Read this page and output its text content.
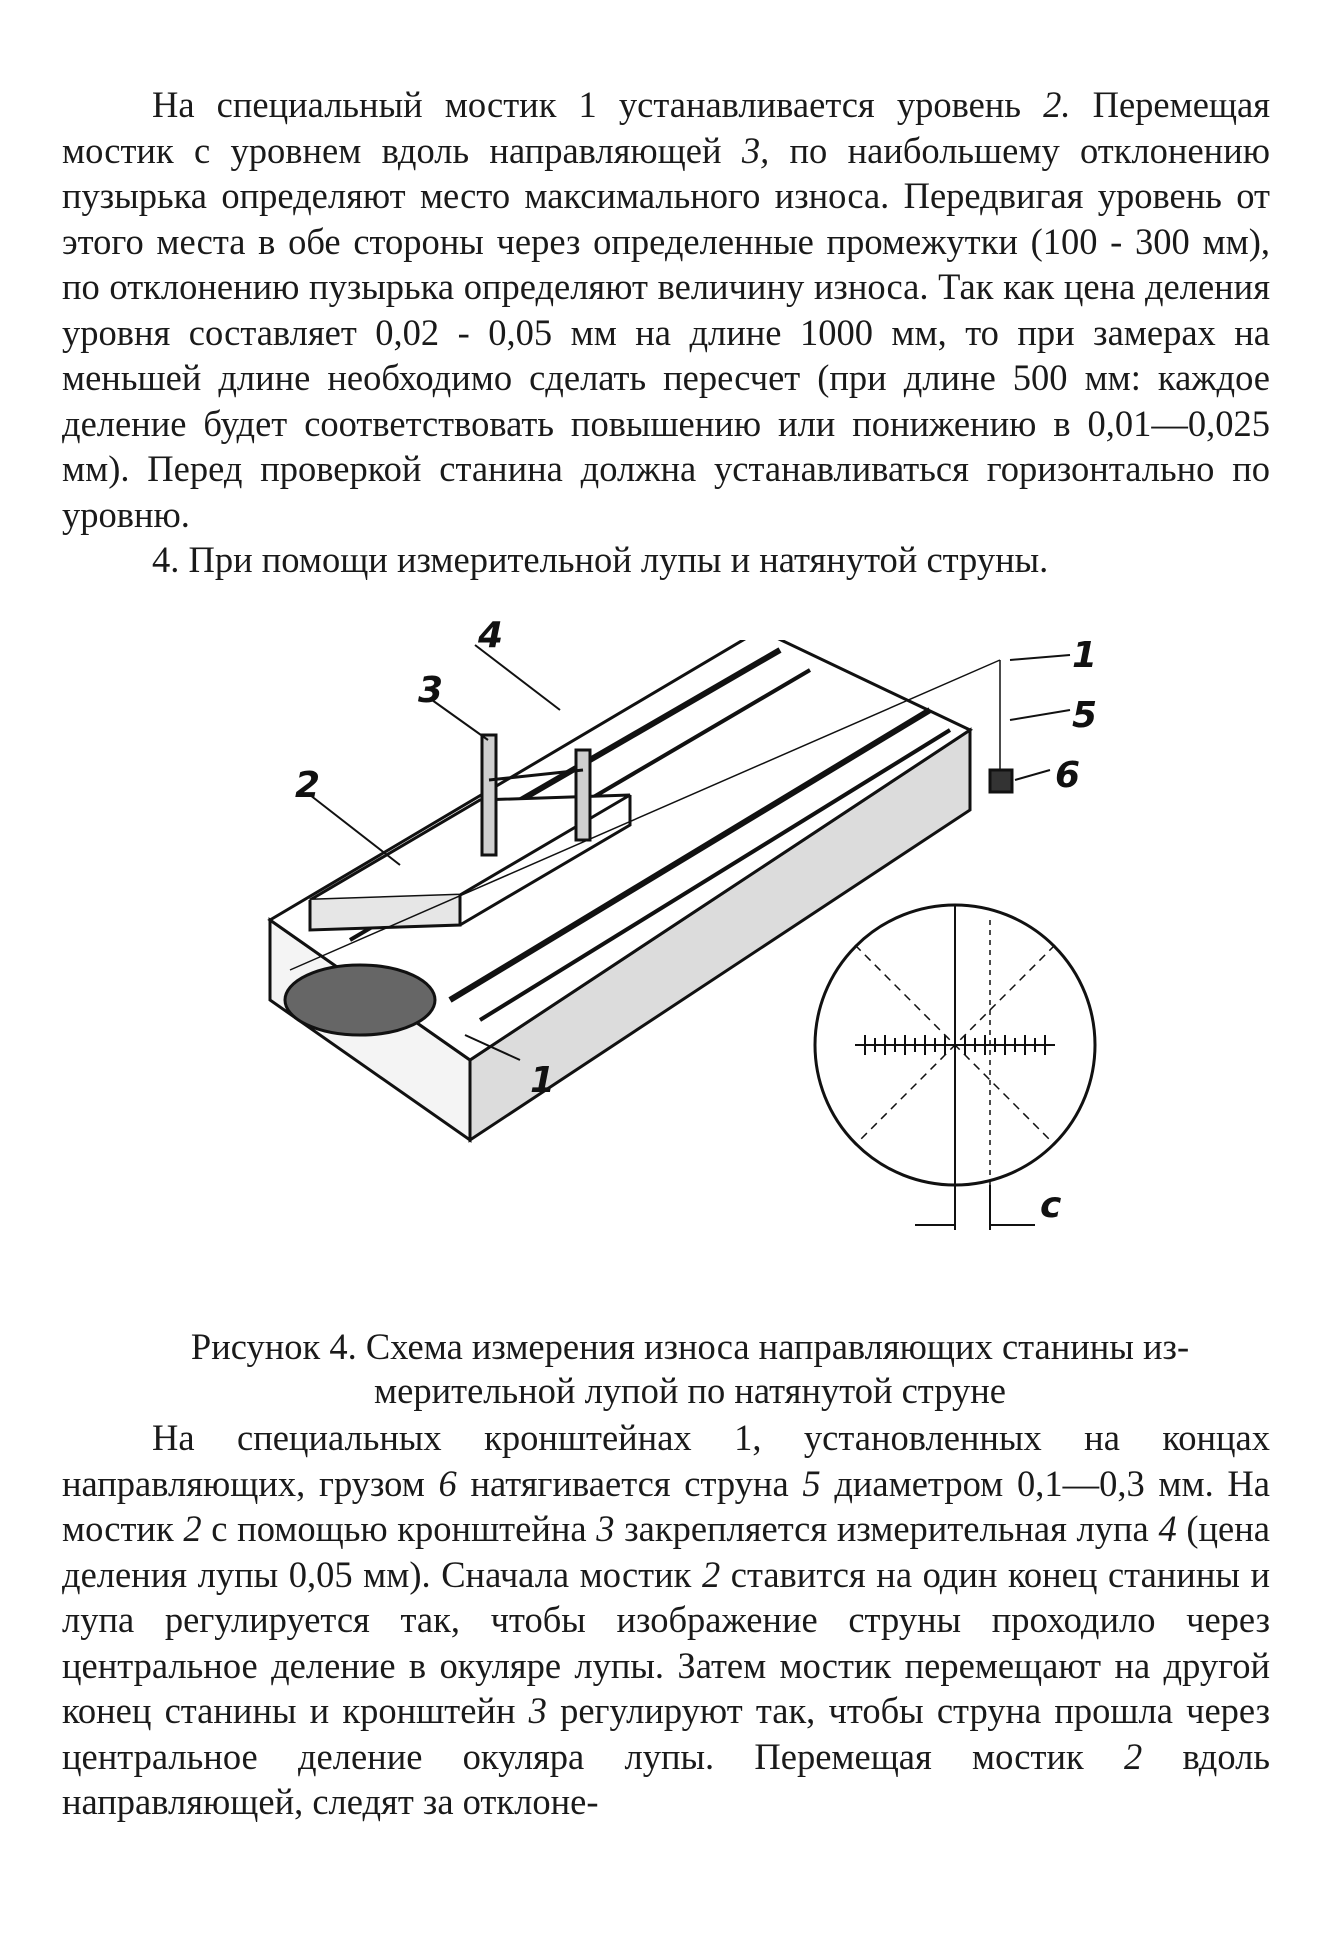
На специальный мостик 1 устанавливается уровень 2. Перемещая мостик с уровнем вдоль направляющей 3, по наибольшему отклонению пузырька определяют место максимального износа. Передвигая уровень от этого места в обе стороны через определенные промежутки (100 - 300 мм), по отклонению пузырька определяют величину износа. Так как цена деления уровня составляет 0,02 - 0,05 мм на длине 1000 мм, то при замерах на меньшей длине необходимо сделать пересчет (при длине 500 мм: каждое деление будет соответствовать повышению или понижению в 0,01—0,025 мм). Перед проверкой станина должна устанавливаться горизонтально по уровню.

4. При помощи измерительной лупы и натянутой струны.

4
3
2
1
5
6
1
c

Рисунок 4. Схема измерения износа направляющих станины из-
мерительной лупой по натянутой струне

На специальных кронштейнах 1, установленных на концах направляющих, грузом 6 натягивается струна 5 диаметром 0,1—0,3 мм. На мостик 2 с помощью кронштейна 3 закрепляется измерительная лупа 4 (цена деления лупы 0,05 мм). Сначала мостик 2 ставится на один конец станины и лупа регулируется так, чтобы изображение струны проходило через центральное деление в окуляре лупы. Затем мостик перемещают на другой конец станины и кронштейн 3 регулируют так, чтобы струна прошла через центральное деление окуляра лупы. Перемещая мостик 2 вдоль направляющей, следят за отклоне-
